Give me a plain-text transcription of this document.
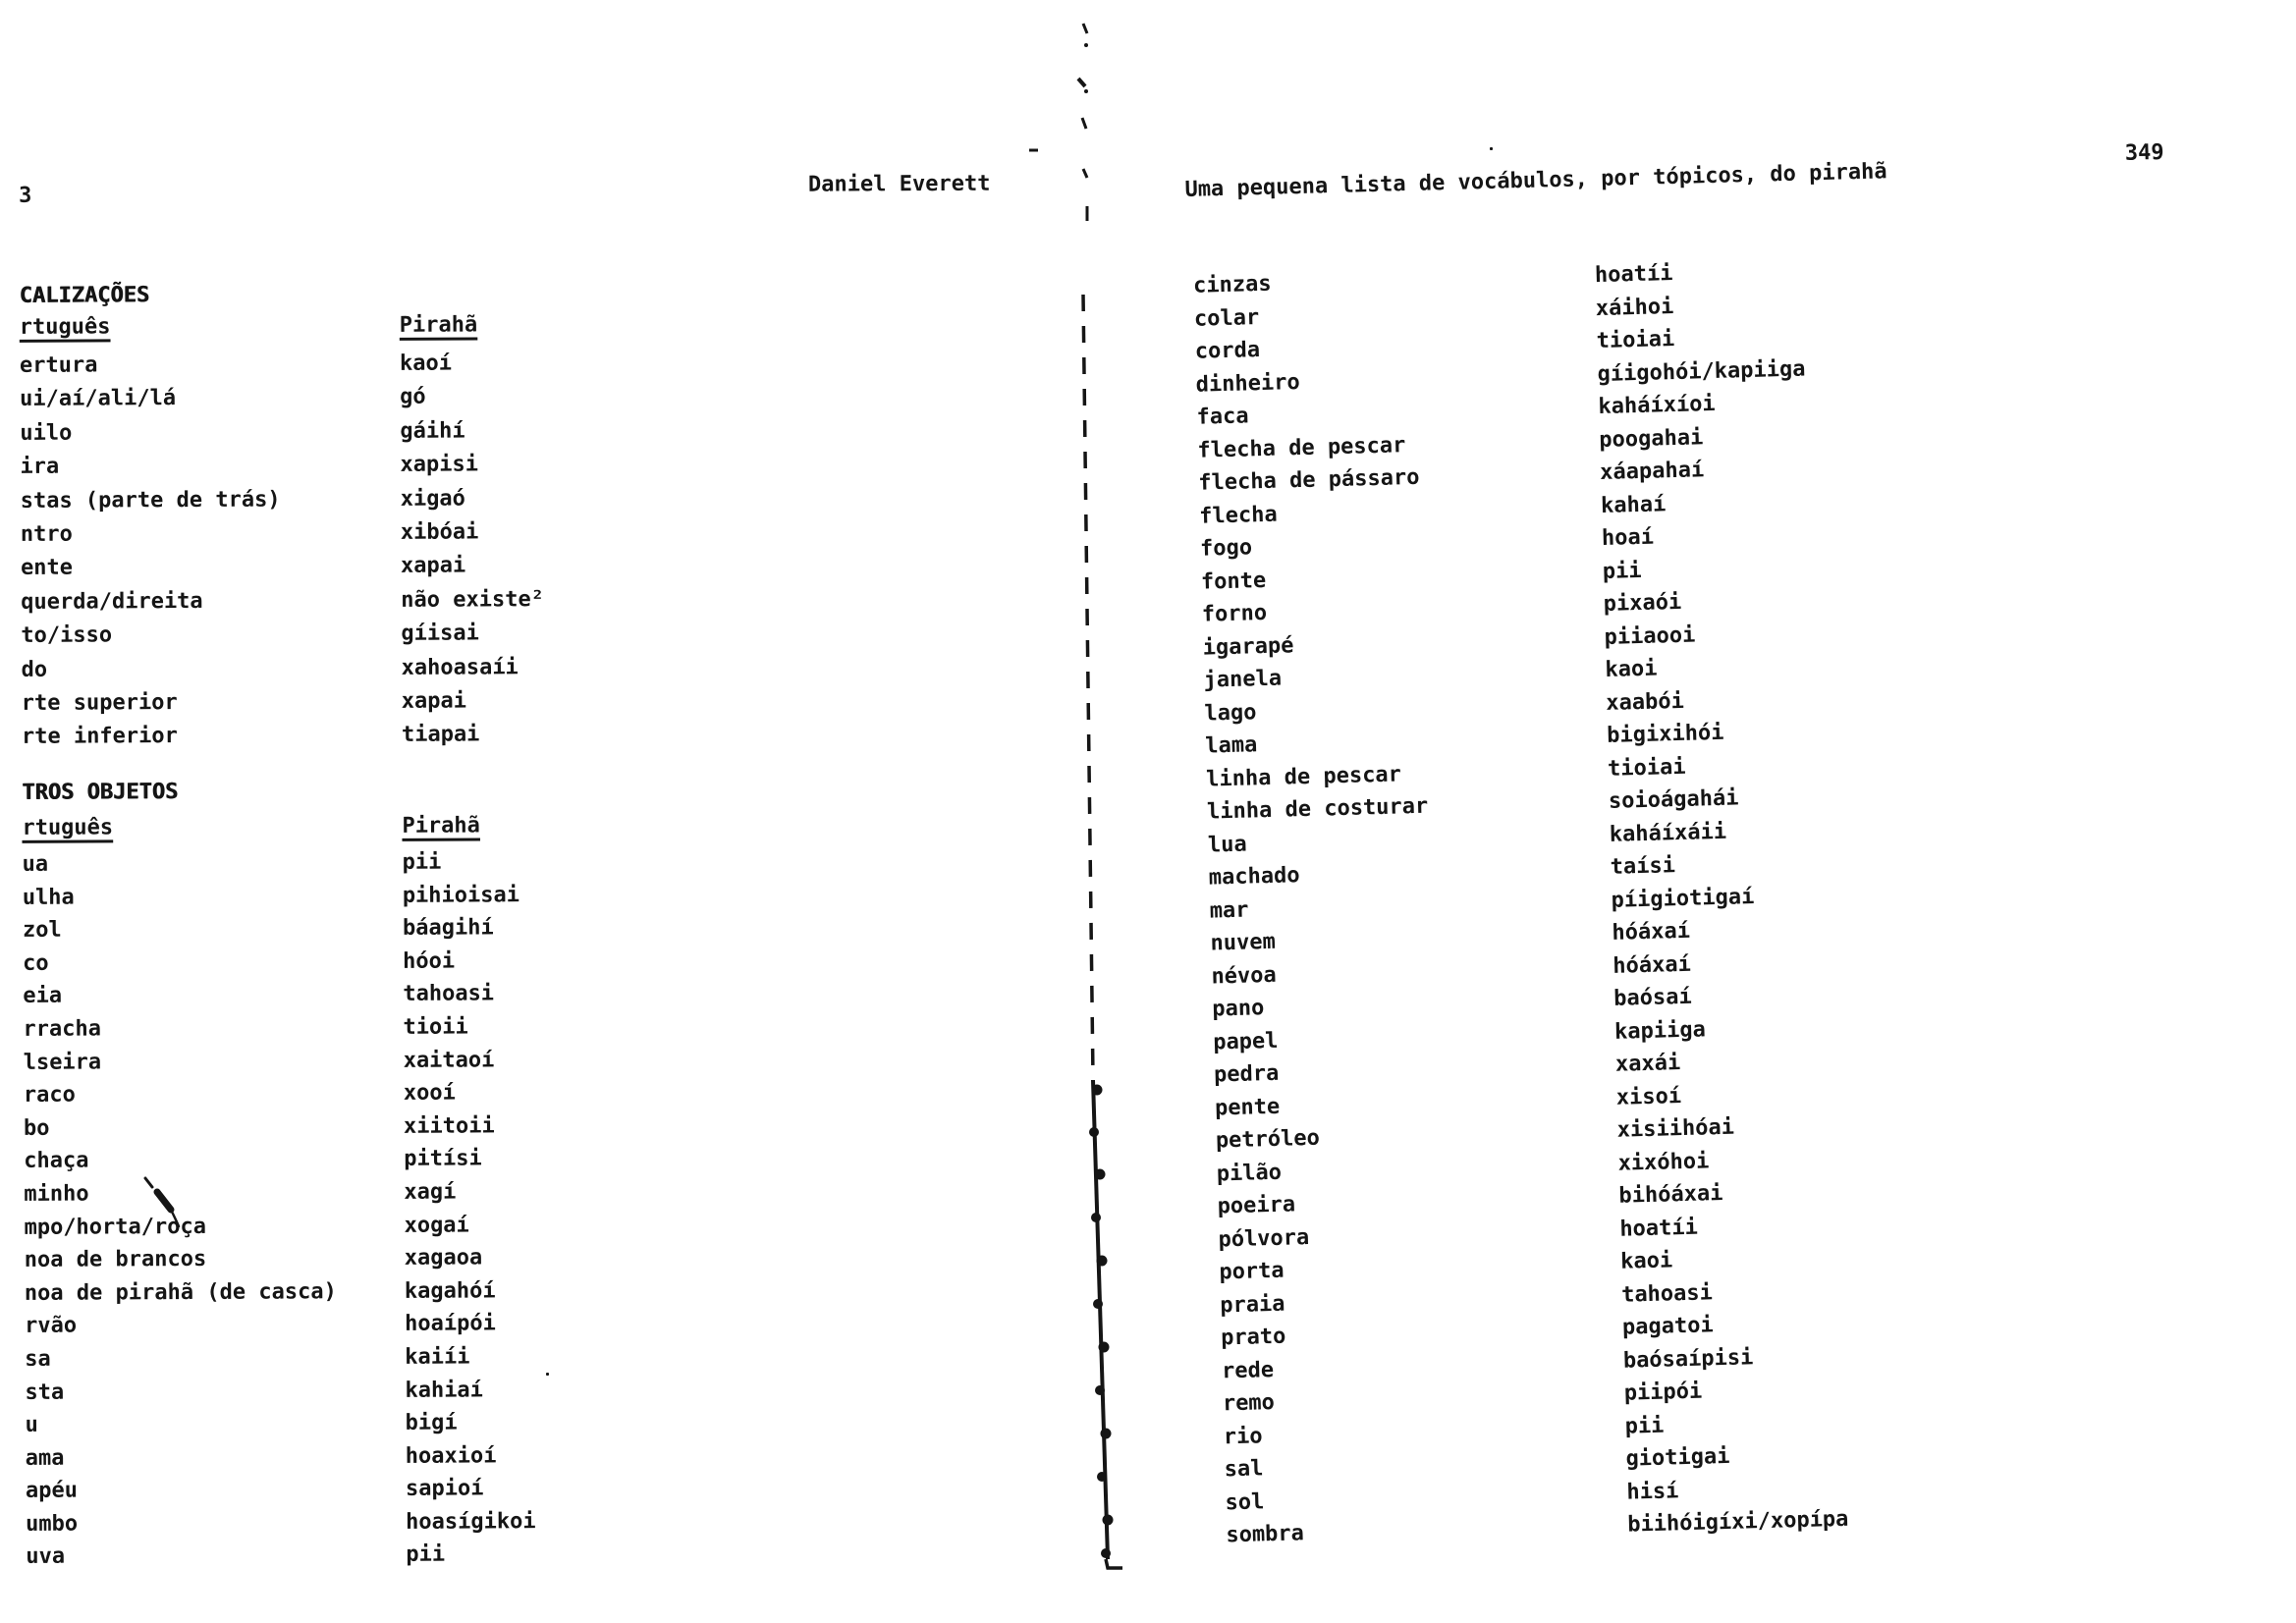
3	Daniel Everett
CALIZAÇÕES
rtuguês	Pirahã
ertura	kaoí
ui/aí/ali/lá	gó
uilo	gáihí
ira	xapisi
stas (parte de trás)	xigaó
ntro	xibóai
ente	xapai
querda/direita	não existe²
to/isso	gíisai
do	xahoasaíi
rte superior	xapai
rte inferior	tiapai
TROS OBJETOS
rtuguês	Pirahã
ua	pii
ulha	pihioisai
zol	báagihí
co	hóoi
eia	tahoasi
rracha	tioii
lseira	xaitaoí
raco	xooí
bo	xiitoii
chaça	pitísi
minho	xagí
mpo/horta/roça	xogaí
noa de brancos	xagaoa
noa de pirahã (de casca)	kagahóí
rvão	hoaípói
sa	kaiíi
sta	kahiaí
u	bigí
ama	hoaxioí
apéu	sapioí
umbo	hoasígikoi
uva	pii
Uma pequena lista de vocábulos, por tópicos, do pirahã
349
cinzas	hoatíi
colar	xáihoi
corda	tioiai
dinheiro	gíigohói/kapiiga
faca	kaháíxíoi
flecha de pescar	poogahai
flecha de pássaro	xáapahaí
flecha	kahaí
fogo	hoaí
fonte	pii
forno	pixaói
igarapé	piiaooi
janela	kaoi
lago	xaabói
lama	bigixihói
linha de pescar	tioiai
linha de costurar	soioágahái
lua	kaháíxáii
machado	taísi
mar	píigiotigaí
nuvem	hóáxaí
névoa	hóáxaí
pano	baósaí
papel	kapiiga
pedra	xaxái
pente	xisoí
petróleo	xisiihóai
pilão	xixóhoi
poeira	bihóáxai
pólvora	hoatíi
porta	kaoi
praia	tahoasi
prato	pagatoi
rede	baósaípisi
remo	piipói
rio	pii
sal	giotigai
sol	hisí
sombra	biihóigíxi/xopípa
